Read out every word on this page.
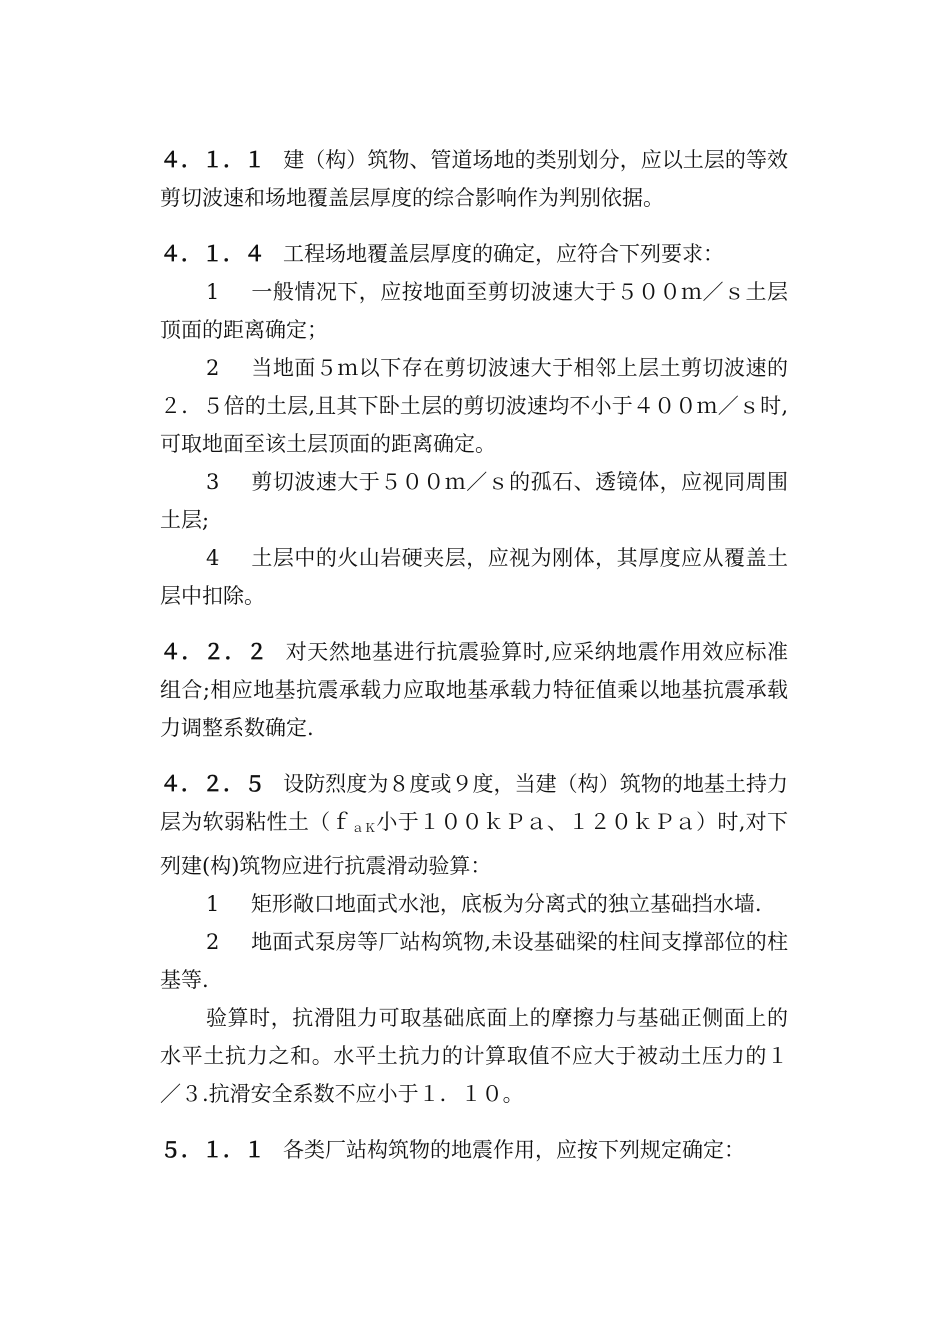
４．１．１ 建（构）筑物、管道场地的类别划分，应以土层的等效剪切波速和场地覆盖层厚度的综合影响作为判别依据。

４．１．４ 工程场地覆盖层厚度的确定，应符合下列要求：

1   一般情况下，应按地面至剪切波速大于５００ｍ／ｓ土层顶面的距离确定；

2   当地面５ｍ以下存在剪切波速大于相邻上层土剪切波速的２．５倍的土层,且其下卧土层的剪切波速均不小于４００ｍ／ｓ时,可取地面至该土层顶面的距离确定。

3   剪切波速大于５００ｍ／ｓ的孤石、透镜体，应视同周围土层;

4   土层中的火山岩硬夹层，应视为刚体，其厚度应从覆盖土层中扣除。

４．２．２ 对天然地基进行抗震验算时,应采纳地震作用效应标准组合;相应地基抗震承载力应取地基承载力特征值乘以地基抗震承载力调整系数确定.

４．２．５ 设防烈度为８度或９度，当建（构）筑物的地基土持力层为软弱粘性土（ｆ$_{aK}$小于１００ｋＰａ、１２０ｋＰａ）时,对下列建(构)筑物应进行抗震滑动验算：

1   矩形敞口地面式水池，底板为分离式的独立基础挡水墙.

2   地面式泵房等厂站构筑物,未设基础梁的柱间支撑部位的柱基等.

验算时，抗滑阻力可取基础底面上的摩擦力与基础正侧面上的水平土抗力之和。水平土抗力的计算取值不应大于被动土压力的１／３.抗滑安全系数不应小于１．１０。

５．１．１ 各类厂站构筑物的地震作用，应按下列规定确定：
